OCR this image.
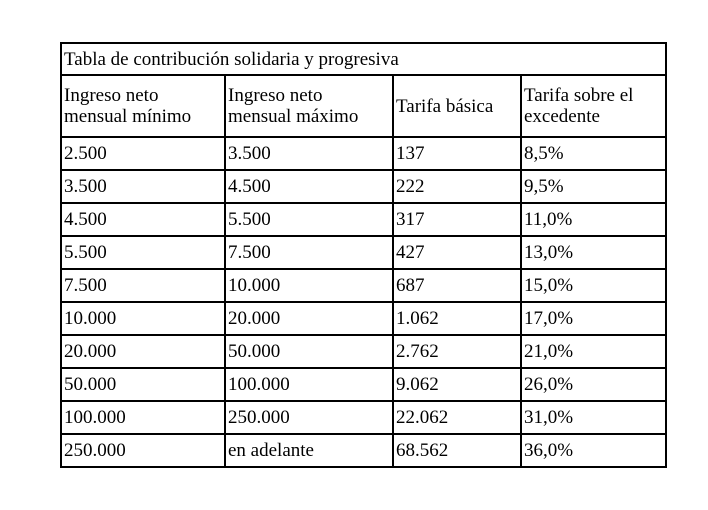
Tabla de contribución solidaria y progresiva			
Ingreso neto mensual mínimo	Ingreso neto mensual máximo	Tarifa básica	Tarifa sobre el excedente
2.500	3.500	137	8,5%
3.500	4.500	222	9,5%
4.500	5.500	317	11,0%
5.500	7.500	427	13,0%
7.500	10.000	687	15,0%
10.000	20.000	1.062	17,0%
20.000	50.000	2.762	21,0%
50.000	100.000	9.062	26,0%
100.000	250.000	22.062	31,0%
250.000	en adelante	68.562	36,0%
